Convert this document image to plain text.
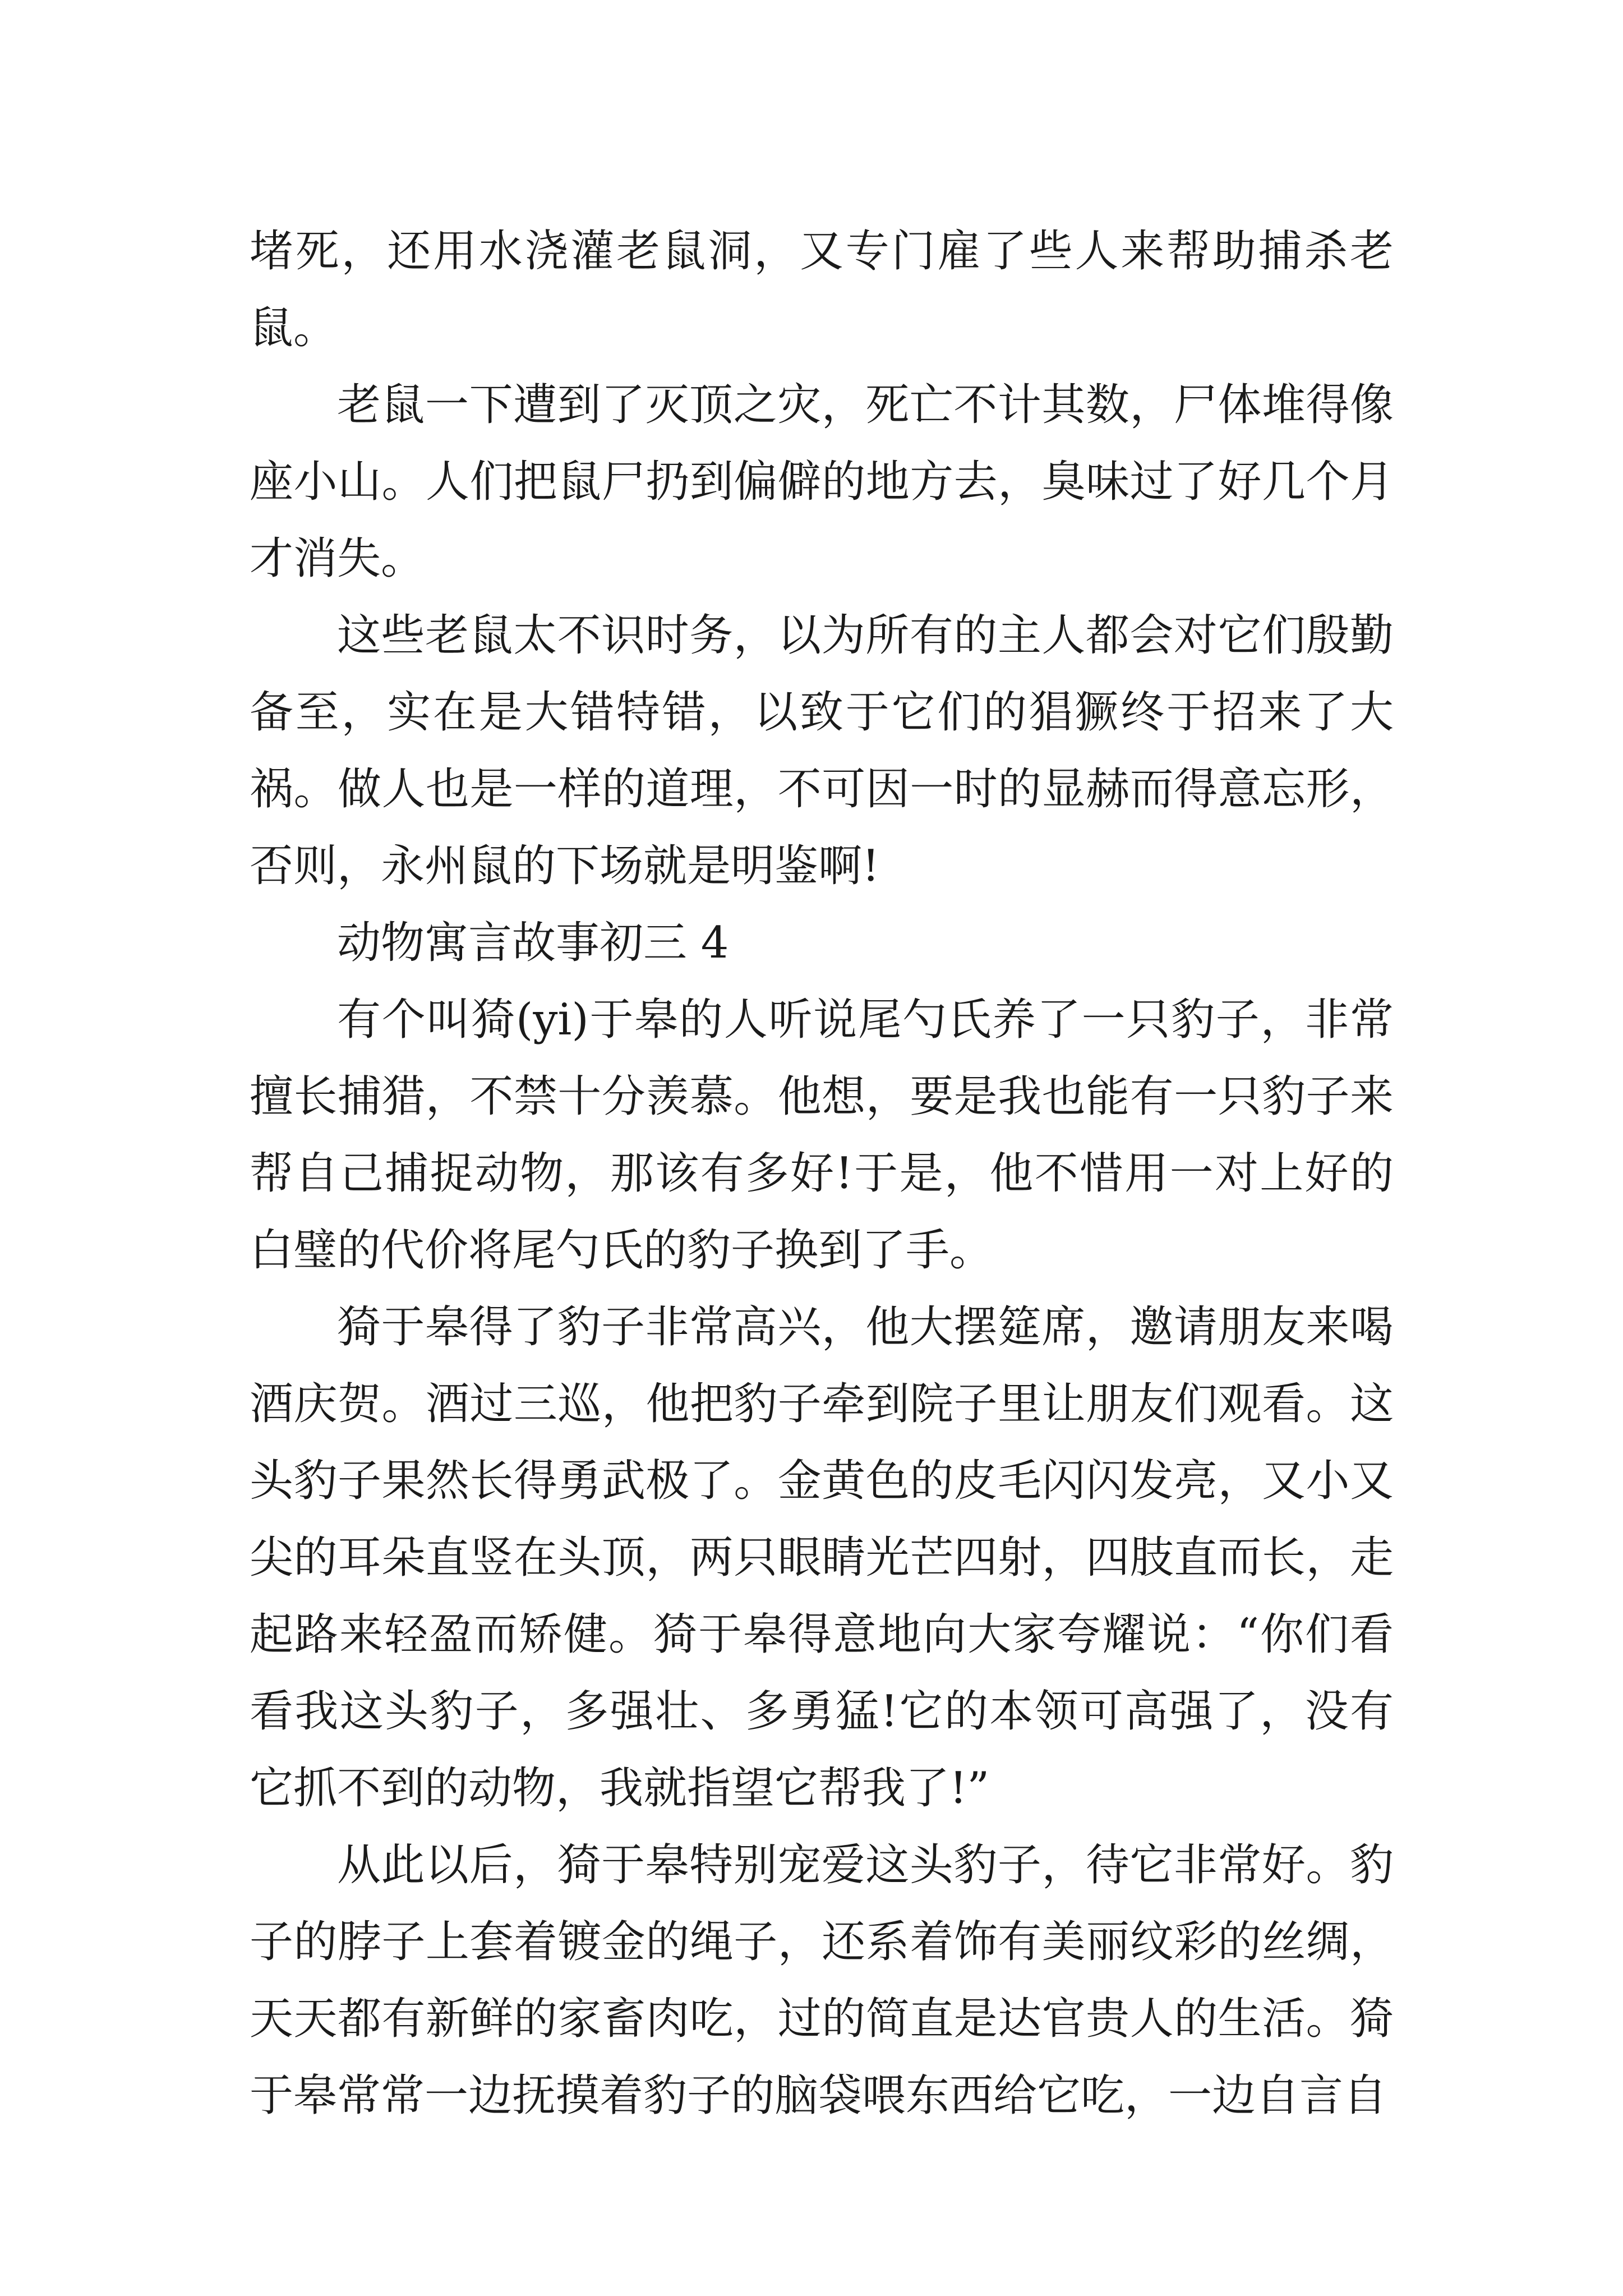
堵死，还用水浇灌老鼠洞，又专门雇了些人来帮助捕杀老鼠。

老鼠一下遭到了灭顶之灾，死亡不计其数，尸体堆得像座小山。人们把鼠尸扔到偏僻的地方去，臭味过了好几个月才消失。

这些老鼠太不识时务，以为所有的主人都会对它们殷勤备至，实在是大错特错，以致于它们的猖獗终于招来了大祸。做人也是一样的道理，不可因一时的显赫而得意忘形，否则，永州鼠的下场就是明鉴啊!

动物寓言故事初三 4

有个叫猗(yi)于皋的人听说尾勺氏养了一只豹子，非常擅长捕猎，不禁十分羡慕。他想，要是我也能有一只豹子来帮自己捕捉动物，那该有多好!于是，他不惜用一对上好的白璧的代价将尾勺氏的豹子换到了手。

猗于皋得了豹子非常高兴，他大摆筵席，邀请朋友来喝酒庆贺。酒过三巡，他把豹子牵到院子里让朋友们观看。这头豹子果然长得勇武极了。金黄色的皮毛闪闪发亮，又小又尖的耳朵直竖在头顶，两只眼睛光芒四射，四肢直而长，走起路来轻盈而矫健。猗于皋得意地向大家夸耀说：“你们看看我这头豹子，多强壮、多勇猛!它的本领可高强了，没有它抓不到的动物，我就指望它帮我了!”

从此以后，猗于皋特别宠爱这头豹子，待它非常好。豹子的脖子上套着镀金的绳子，还系着饰有美丽纹彩的丝绸，天天都有新鲜的家畜肉吃，过的简直是达官贵人的生活。猗于皋常常一边抚摸着豹子的脑袋喂东西给它吃，一边自言自
